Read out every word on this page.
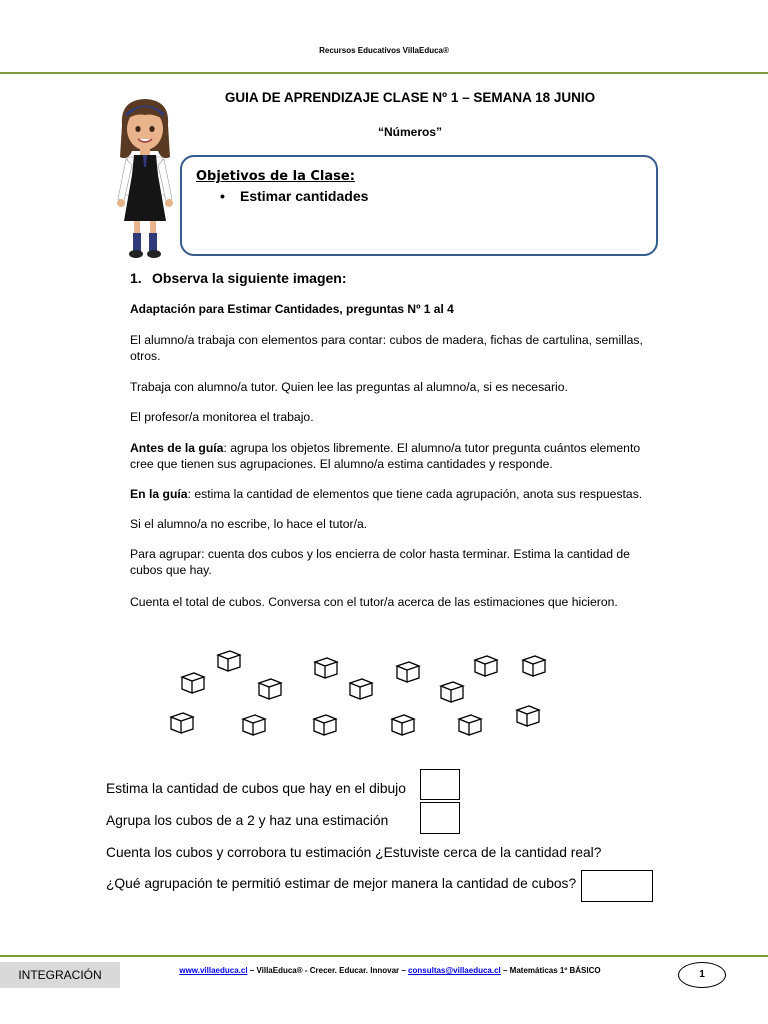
Recursos Educativos VillaEduca®
GUIA DE APRENDIZAJE CLASE Nº 1 – SEMANA 18 JUNIO
“Números”
Objetivos de la Clase:
• Estimar cantidades
1. Observa la siguiente imagen:
Adaptación para Estimar Cantidades, preguntas Nº 1 al 4
El alumno/a trabaja con elementos para contar: cubos de madera, fichas de cartulina, semillas, otros.
Trabaja con alumno/a tutor. Quien lee las preguntas al alumno/a, si es necesario.
El profesor/a monitorea el trabajo.
Antes de la guía: agrupa los objetos libremente. El alumno/a tutor pregunta cuántos elemento cree que tienen sus agrupaciones. El alumno/a estima cantidades y responde.
En la guía: estima la cantidad de elementos que tiene cada agrupación, anota sus respuestas.
Si el alumno/a no escribe, lo hace el tutor/a.
Para agrupar: cuenta dos cubos y los encierra de color hasta terminar. Estima la cantidad de cubos que hay.
Cuenta el total de cubos. Conversa con el tutor/a acerca de las estimaciones que hicieron.
Estima la cantidad de cubos que hay en el dibujo
Agrupa los cubos de a 2 y haz una estimación
Cuenta los cubos y corrobora tu estimación ¿Estuviste cerca de la cantidad real?
¿Qué agrupación te permitió estimar de mejor manera la cantidad de cubos?
INTEGRACIÓN	www.villaeduca.cl – VillaEduca® - Crecer. Educar. Innovar – consultas@villaeduca.cl – Matemáticas 1º BÁSICO	1
